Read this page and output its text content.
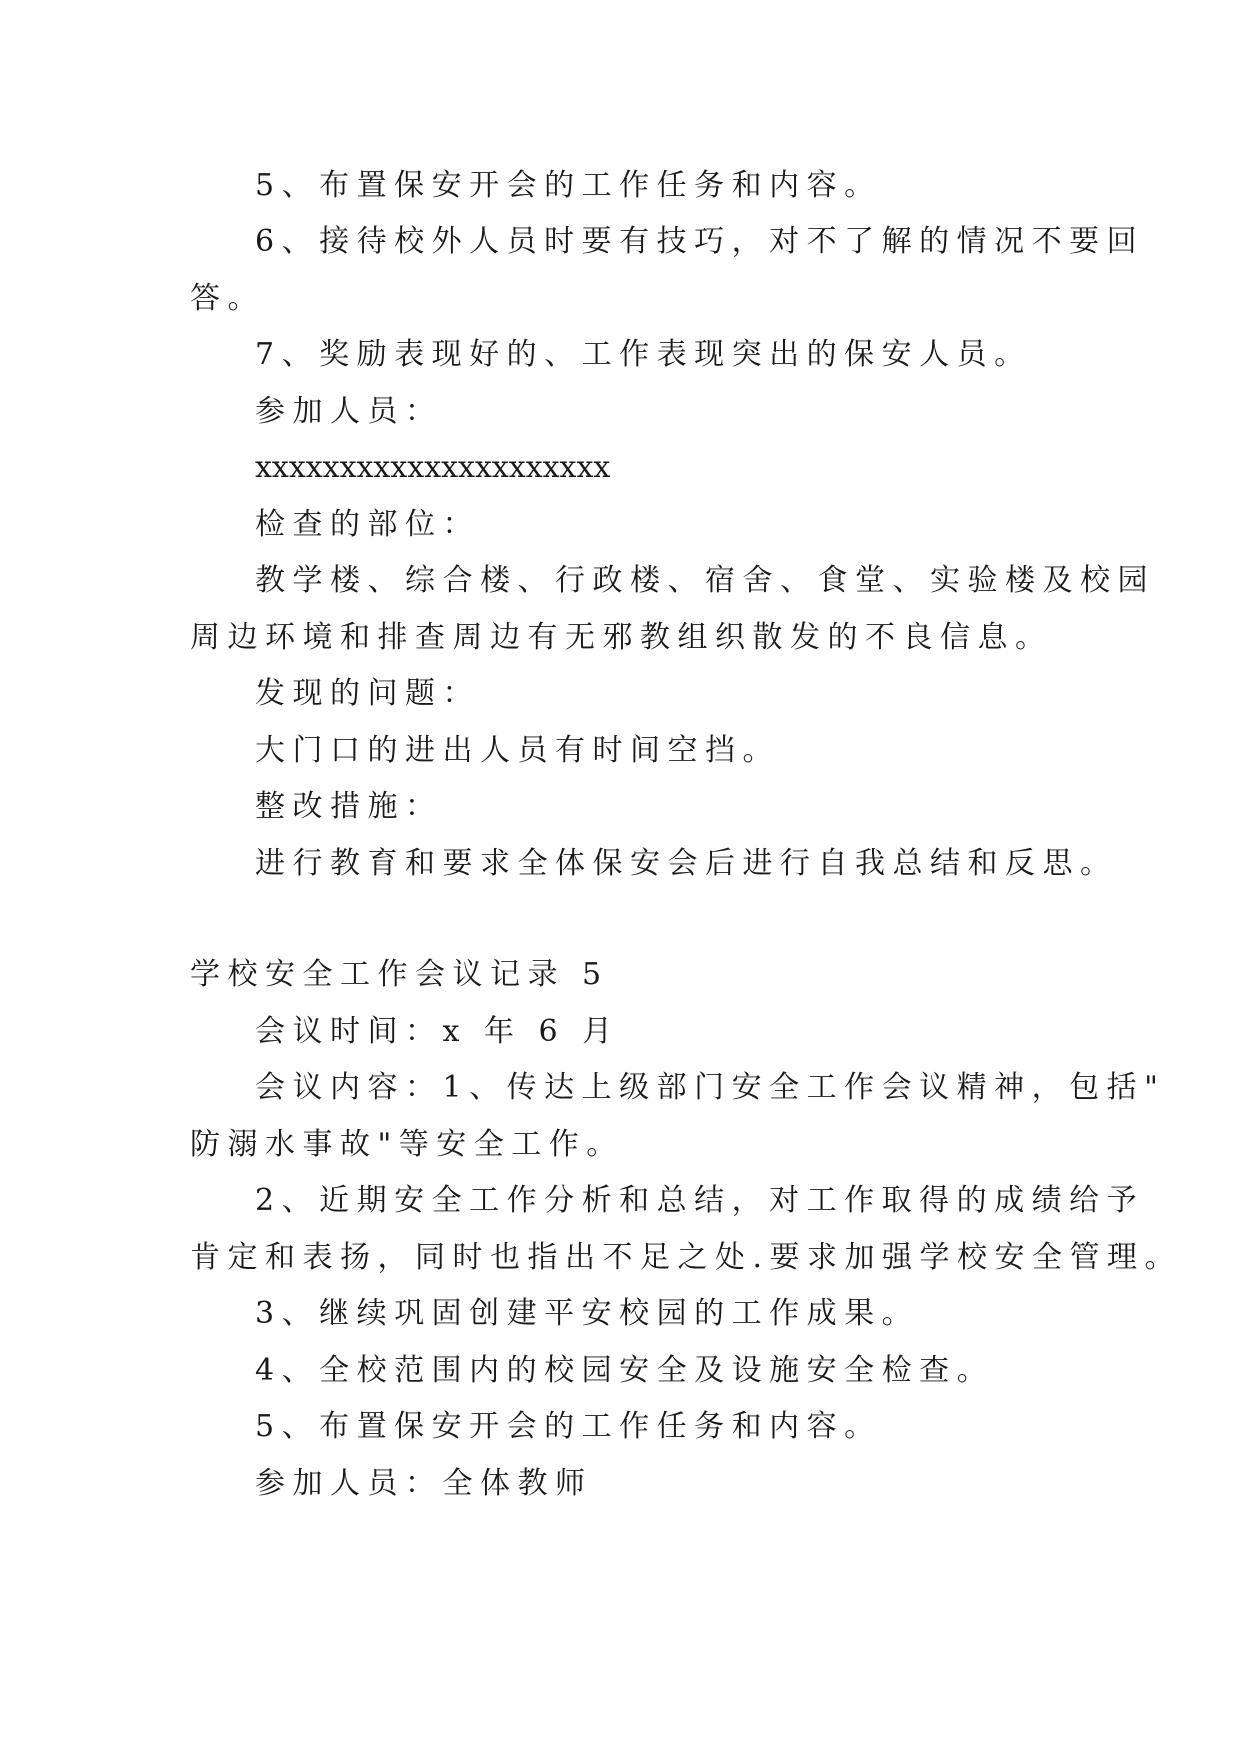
5、布置保安开会的工作任务和内容。
6、接待校外人员时要有技巧，对不了解的情况不要回
答。
7、奖励表现好的、工作表现突出的保安人员。
参加人员：
xxxxxxxxxxxxxxxxxxxxx
检查的部位：
教学楼、综合楼、行政楼、宿舍、食堂、实验楼及校园
周边环境和排查周边有无邪教组织散发的不良信息。
发现的问题：
大门口的进出人员有时间空挡。
整改措施：
进行教育和要求全体保安会后进行自我总结和反思。
学校安全工作会议记录 5
会议时间：x 年 6 月
会议内容：1、传达上级部门安全工作会议精神，包括"
防溺水事故"等安全工作。
2、近期安全工作分析和总结，对工作取得的成绩给予
肯定和表扬，同时也指出不足之处.要求加强学校安全管理。
3、继续巩固创建平安校园的工作成果。
4、全校范围内的校园安全及设施安全检查。
5、布置保安开会的工作任务和内容。
参加人员：全体教师
